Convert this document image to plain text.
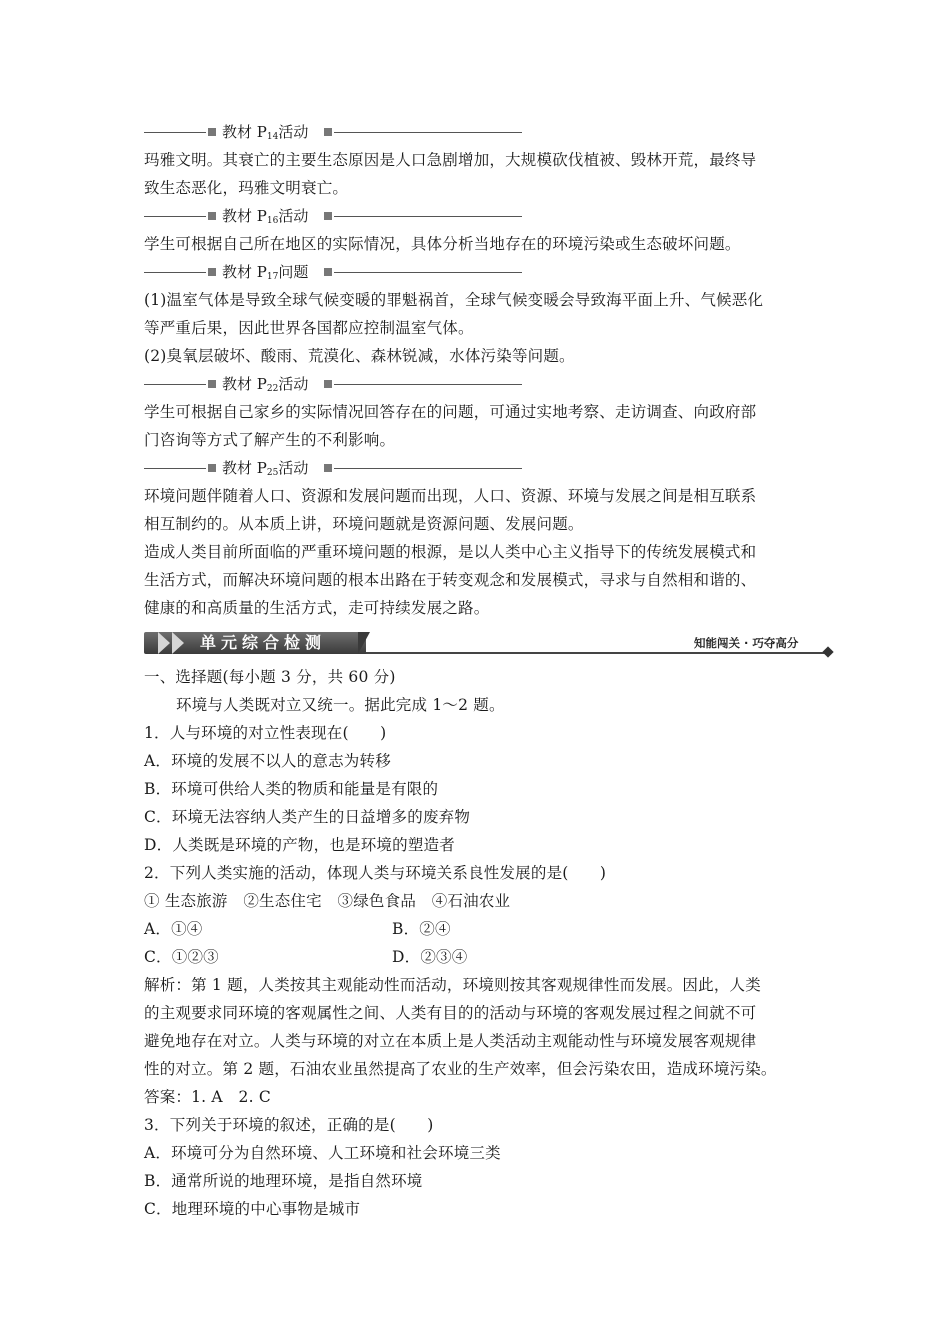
教材 $P_{14}$活动
玛雅文明。其衰亡的主要生态原因是人口急剧增加，大规模砍伐植被、毁林开荒，最终导
致生态恶化，玛雅文明衰亡。
教材 $P_{16}$活动
学生可根据自己所在地区的实际情况，具体分析当地存在的环境污染或生态破坏问题。
教材 $P_{17}$问题
(1)温室气体是导致全球气候变暖的罪魁祸首，全球气候变暖会导致海平面上升、气候恶化
等严重后果，因此世界各国都应控制温室气体。
(2)臭氧层破坏、酸雨、荒漠化、森林锐减，水体污染等问题。
教材 $P_{22}$活动
学生可根据自己家乡的实际情况回答存在的问题，可通过实地考察、走访调查、向政府部
门咨询等方式了解产生的不利影响。
教材 $P_{25}$活动
环境问题伴随着人口、资源和发展问题而出现，人口、资源、环境与发展之间是相互联系
相互制约的。从本质上讲，环境问题就是资源问题、发展问题。
造成人类目前所面临的严重环境问题的根源，是以人类中心主义指导下的传统发展模式和
生活方式，而解决环境问题的根本出路在于转变观念和发展模式，寻求与自然相和谐的、
健康的和高质量的生活方式，走可持续发展之路。
单元综合检测	知能闯关 · 巧夺高分
一、选择题(每小题 3 分，共 60 分)
环境与人类既对立又统一。据此完成 1～2 题。
1．人与环境的对立性表现在(　　)
A．环境的发展不以人的意志为转移
B．环境可供给人类的物质和能量是有限的
C．环境无法容纳人类产生的日益增多的废弃物
D．人类既是环境的产物，也是环境的塑造者
2．下列人类实施的活动，体现人类与环境关系良性发展的是(　　)
① 生态旅游　②生态住宅　③绿色食品　④石油农业
A．①④	B．②④
C．①②③	D．②③④
解析：第 1 题，人类按其主观能动性而活动，环境则按其客观规律性而发展。因此，人类
的主观要求同环境的客观属性之间、人类有目的的活动与环境的客观发展过程之间就不可
避免地存在对立。人类与环境的对立在本质上是人类活动主观能动性与环境发展客观规律
性的对立。第 2 题，石油农业虽然提高了农业的生产效率，但会污染农田，造成环境污染。
答案：1. A　2. C
3．下列关于环境的叙述，正确的是(　　)
A．环境可分为自然环境、人工环境和社会环境三类
B．通常所说的地理环境，是指自然环境
C．地理环境的中心事物是城市
